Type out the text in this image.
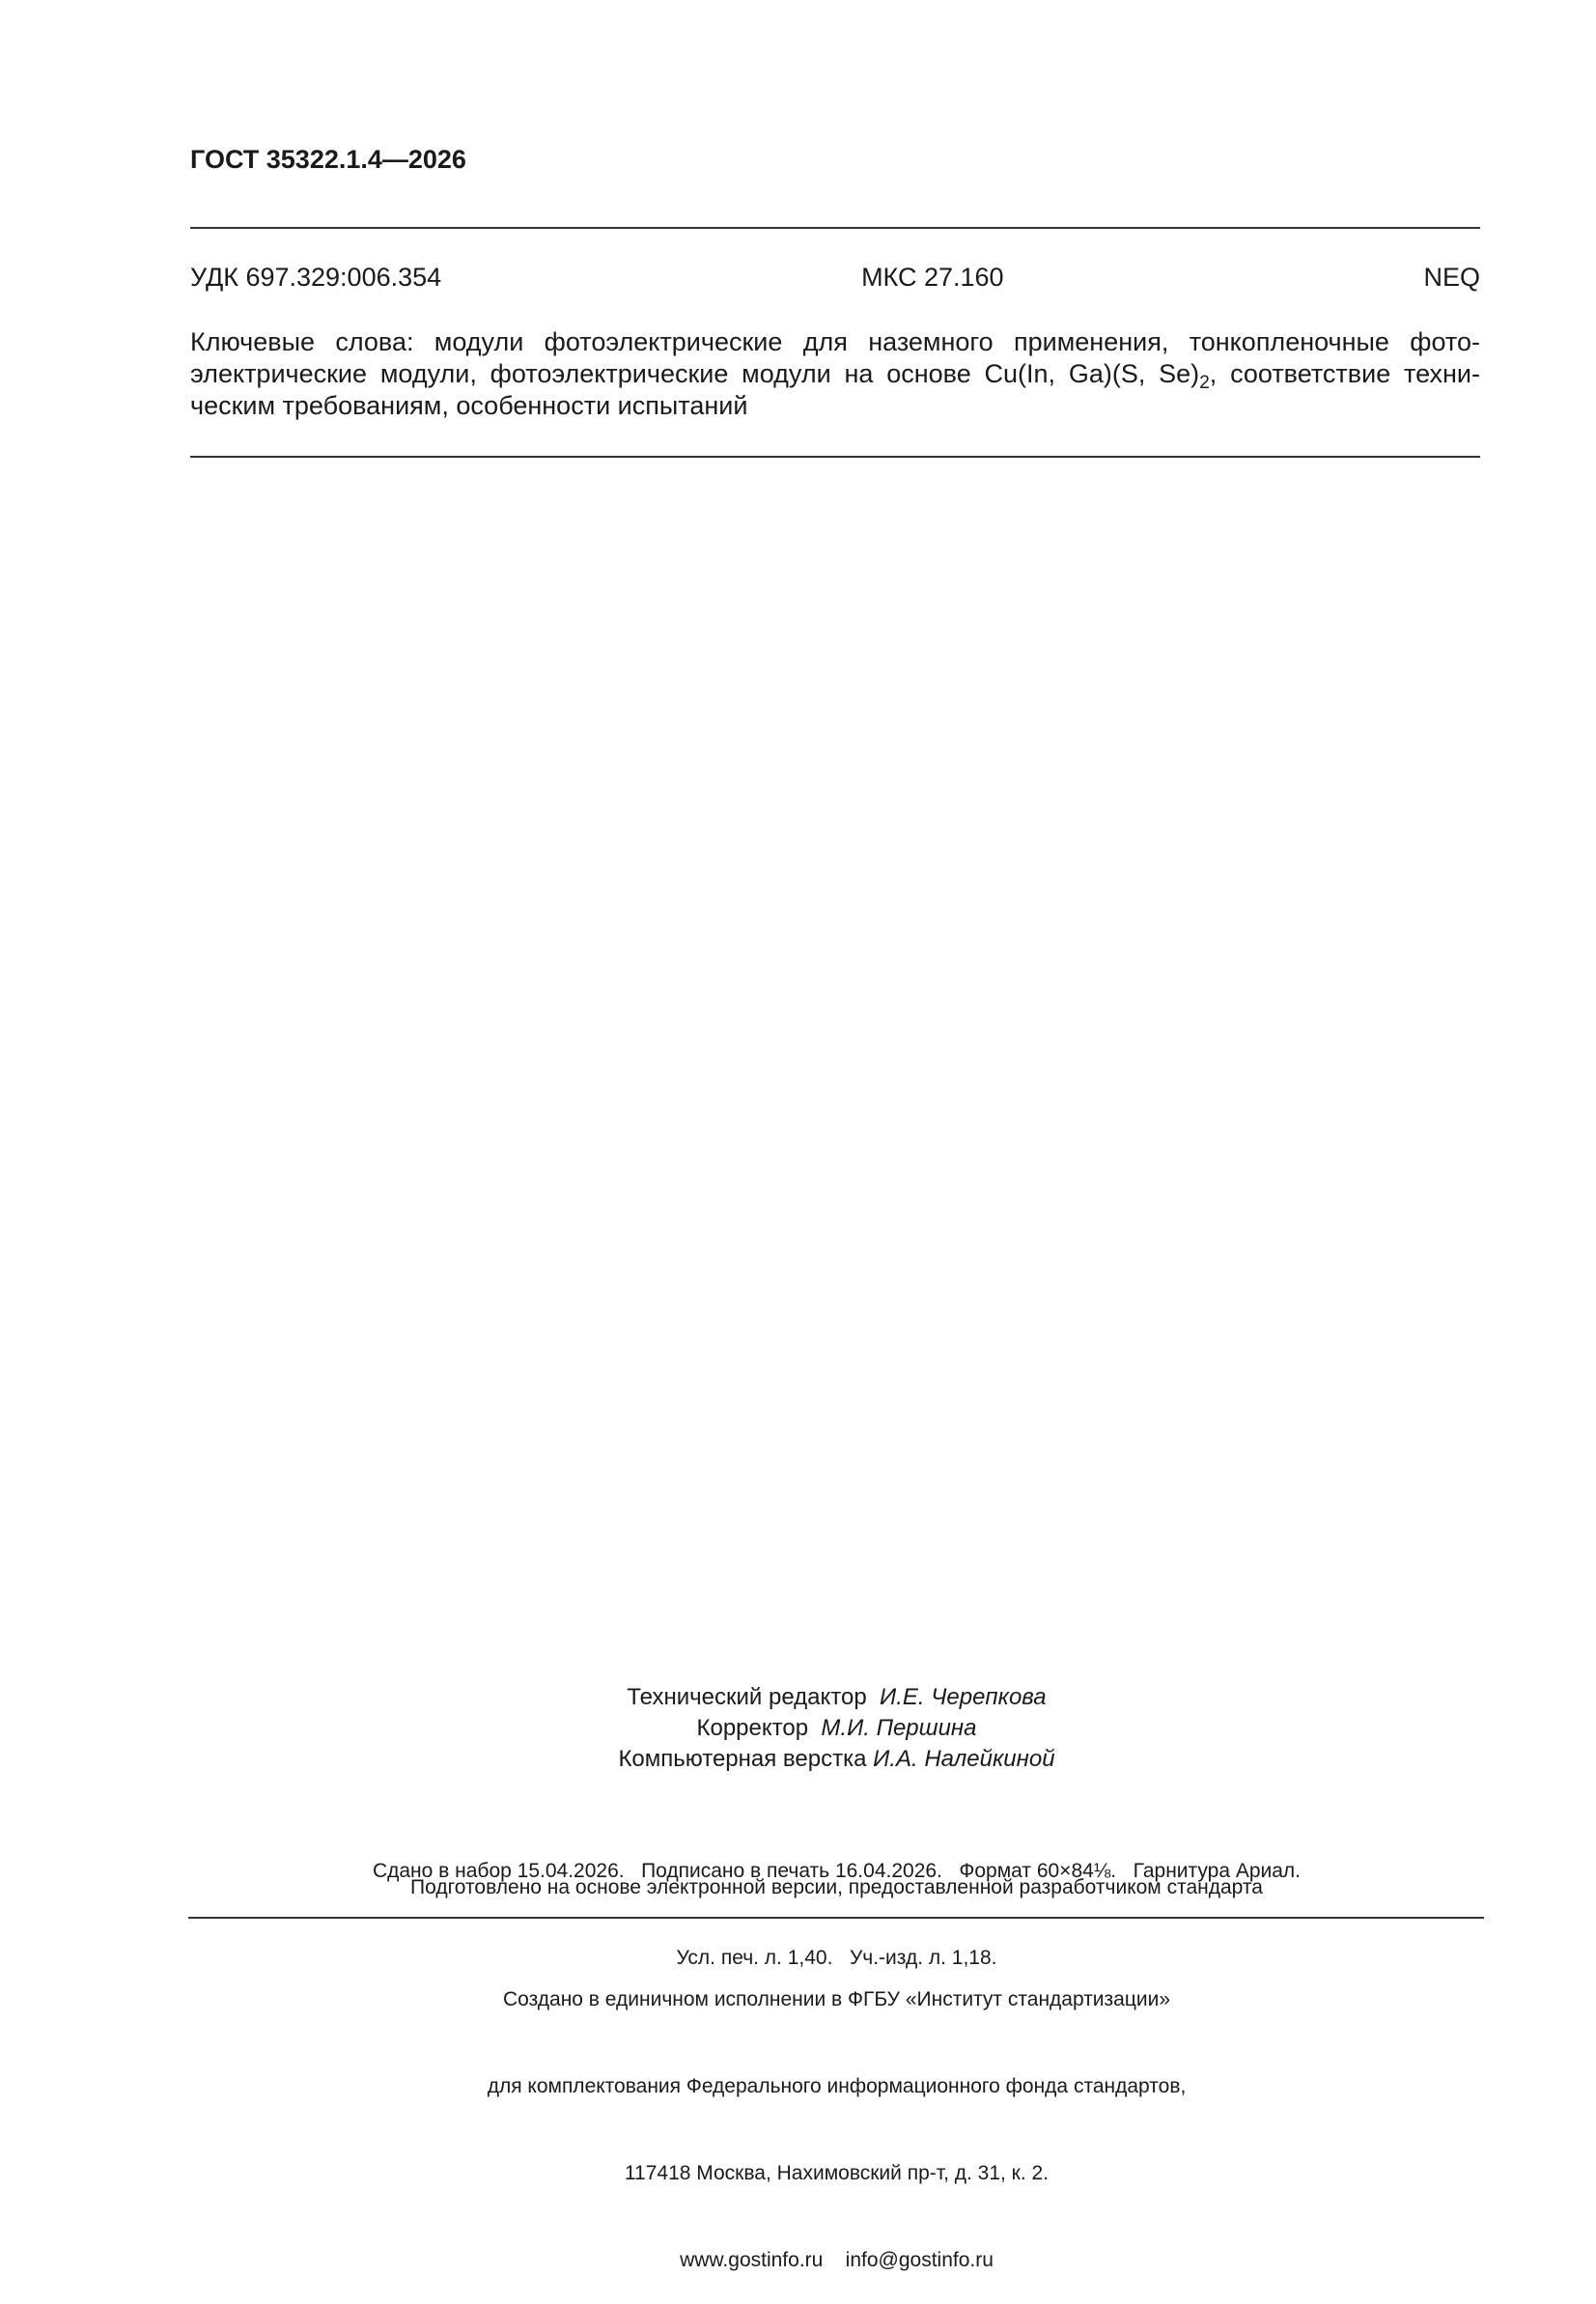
ГОСТ 35322.1.4—2026
УДК 697.329:006.354	МКС 27.160	NEQ

Ключевые слова: модули фотоэлектрические для наземного применения, тонкопленочные фотоэлектрические модули, фотоэлектрические модули на основе Cu(In, Ga)(S, $Se)_2$, соответствие техническим требованиям, особенности испытаний

Технический редактор И.Е. Черепкова
Корректор М.И. Першина
Компьютерная верстка И.А. Налейкиной

Сдано в набор 15.04.2026.   Подписано в печать 16.04.2026.   Формат 60×84⅛.   Гарнитура Ариал.

Усл. печ. л. 1,40.   Уч.-изд. л. 1,18.

Подготовлено на основе электронной версии, предоставленной разработчиком стандарта

Создано в единичном исполнении в ФГБУ «Институт стандартизации»

для комплектования Федерального информационного фонда стандартов,

117418 Москва, Нахимовский пр-т, д. 31, к. 2.

www.gostinfo.ru    info@gostinfo.ru
